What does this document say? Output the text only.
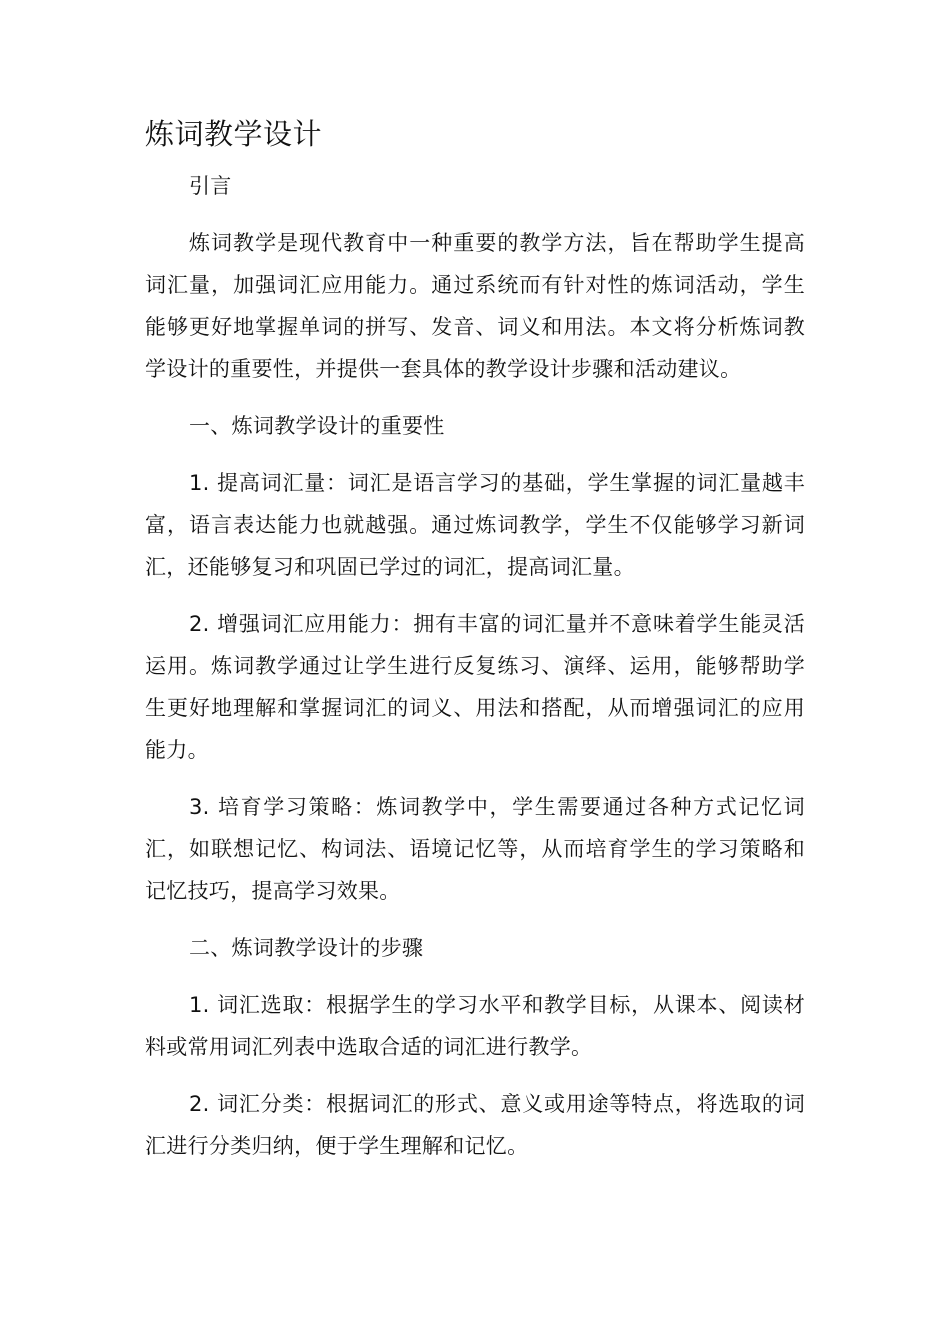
炼词教学设计

引言

炼词教学是现代教育中一种重要的教学方法，旨在帮助学生提高词汇量，加强词汇应用能力。通过系统而有针对性的炼词活动，学生能够更好地掌握单词的拼写、发音、词义和用法。本文将分析炼词教学设计的重要性，并提供一套具体的教学设计步骤和活动建议。

一、炼词教学设计的重要性

1. 提高词汇量：词汇是语言学习的基础，学生掌握的词汇量越丰富，语言表达能力也就越强。通过炼词教学，学生不仅能够学习新词汇，还能够复习和巩固已学过的词汇，提高词汇量。

2. 增强词汇应用能力：拥有丰富的词汇量并不意味着学生能灵活运用。炼词教学通过让学生进行反复练习、演绎、运用，能够帮助学生更好地理解和掌握词汇的词义、用法和搭配，从而增强词汇的应用能力。

3. 培育学习策略：炼词教学中，学生需要通过各种方式记忆词汇，如联想记忆、构词法、语境记忆等，从而培育学生的学习策略和记忆技巧，提高学习效果。

二、炼词教学设计的步骤

1. 词汇选取：根据学生的学习水平和教学目标，从课本、阅读材料或常用词汇列表中选取合适的词汇进行教学。

2. 词汇分类：根据词汇的形式、意义或用途等特点，将选取的词汇进行分类归纳，便于学生理解和记忆。
